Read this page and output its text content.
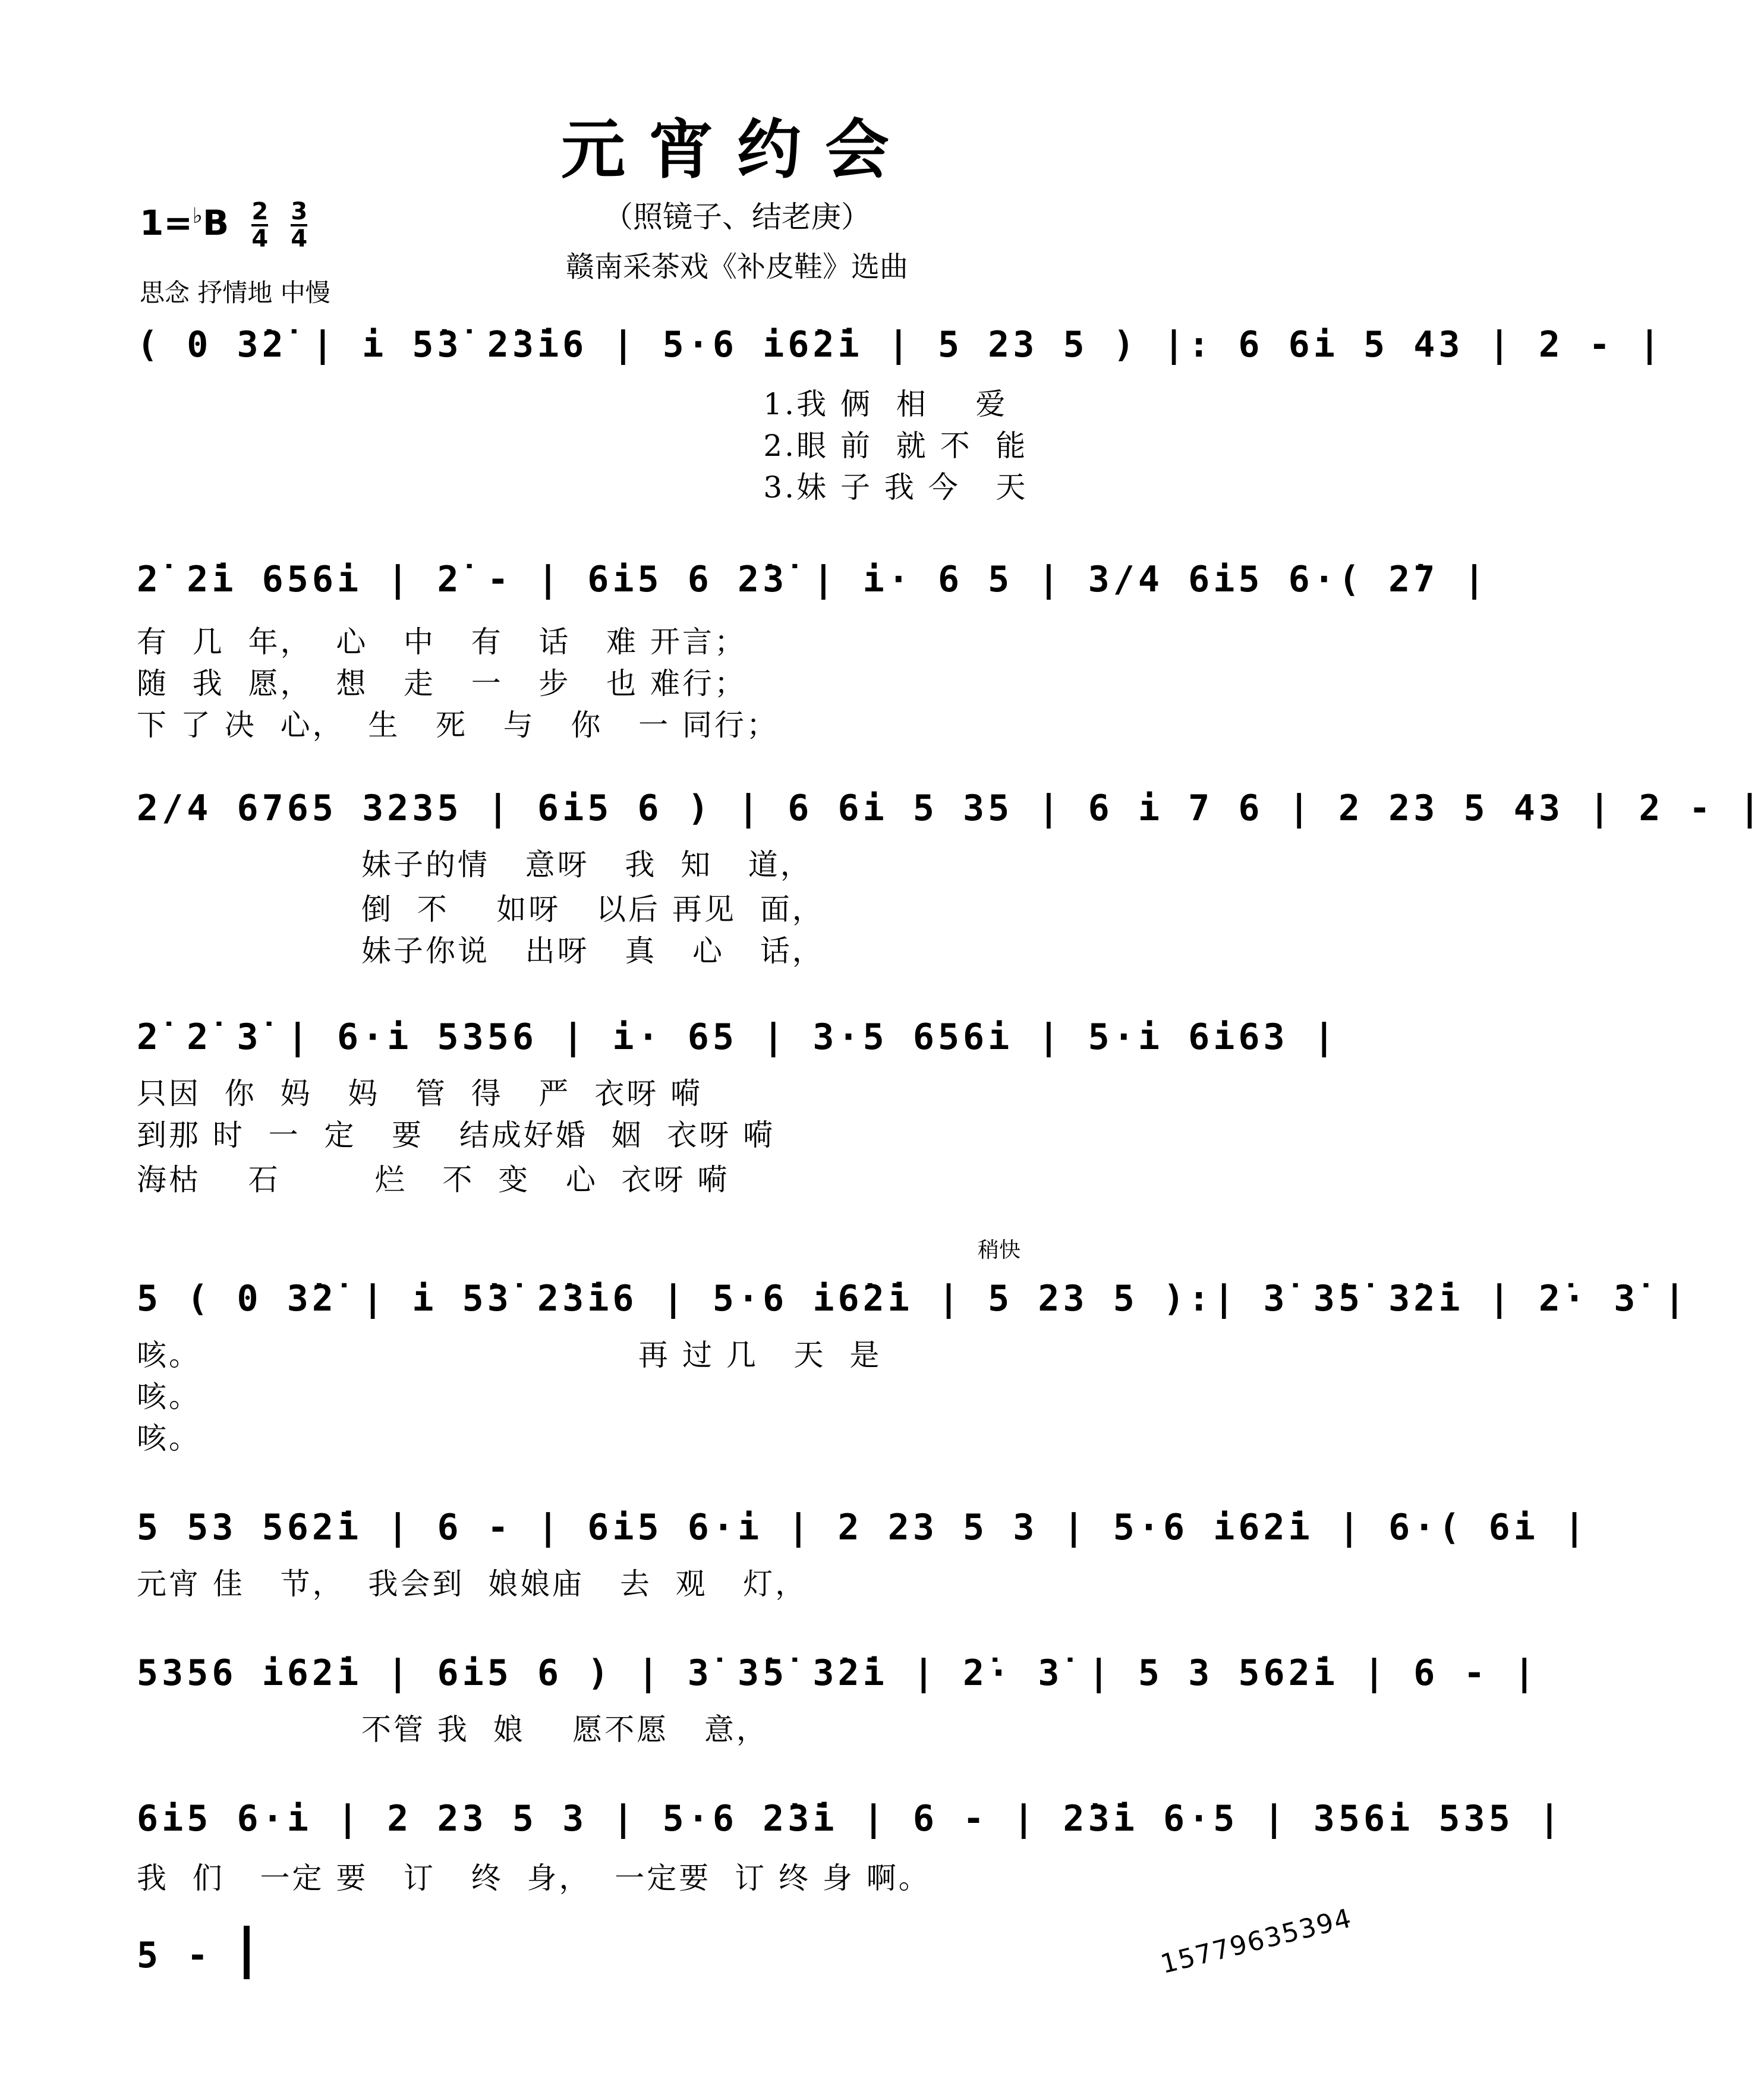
元宵约会
（照镜子、结老庚）
赣南采茶戏《补皮鞋》选曲
$1=^♭B \frac{2}{4} \frac{3}{4}$
思念 抒情地 中慢
( 0 3̇2̇ | i 5̇3̇ 2̇3̇i6 | 5·6 i6̇2̇i | 5 23 5 ) |: 6 6i 5 43 | 2 - |
1.我 俩  相    爱
2.眼 前  就 不  能
3.妹 子 我 今   天
2̇ 2̇i 656i | 2̇ - | 6i5 6 2̇3̇ | i· 6 5 | 3/4 6i5 6·( 2̇7 |
有  几  年，  心   中   有   话   难 开言；
随  我  愿，  想   走   一   步   也 难行；
下 了 决  心，  生   死   与   你   一 同行；
2/4 6765 3235 | 6i5 6 ) | 6 6i 5 35 | 6 i 7 6 | 2 23 5 43 | 2 - |
妹子的情   意呀   我  知   道，
倒  不    如呀   以后 再见  面，
妹子你说   出呀   真   心   话，
2̇ 2̇ 3̇ | 6·i 5356 | i· 65 | 3·5 656i | 5·i 6i63 |
只因  你  妈   妈   管  得   严  衣呀 嗬
到那 时  一  定   要   结成好婚  姻  衣呀 嗬
海枯    石        烂   不  变   心  衣呀 嗬
稍快
5 ( 0 3̇2̇ | i 5̇3̇ 2̇3̇i6 | 5·6 i6̇2̇i | 5 23 5 ):| 3̇ 3̇5̇ 3̇2̇i | 2̇· 3̇ |
咳。                                     再 过 几   天  是
咳。
咳。
5 53 562̇i | 6 - | 6i5 6·i | 2 23 5 3 | 5·6 i62̇i | 6·( 6i |
元宵 佳   节，  我会到  娘娘庙   去  观   灯，
5356 i62̇i | 6i5 6 ) | 3̇ 3̇5̇ 3̇2̇i | 2̇· 3̇ | 5 3 562̇i | 6 - |
不管 我  娘    愿不愿   意，
6i5 6·i | 2 23 5 3 | 5·6 2̇3̇i | 6 - | 2̇3̇i 6·5 | 356i 535 |
我  们   一定 要   订   终  身，  一定要  订 终 身 啊。
5 -	15779635394
